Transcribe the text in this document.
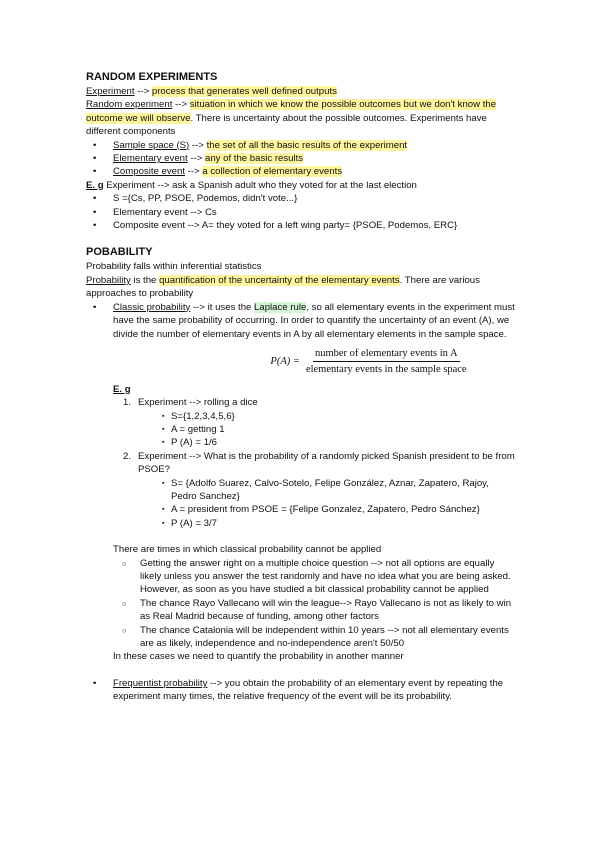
RANDOM EXPERIMENTS

Experiment --> process that generates well defined outputs

Random experiment --> situation in which we know the possible outcomes but we don't know the outcome we will observe. There is uncertainty about the possible outcomes. Experiments have different components

• Sample space (S) --> the set of all the basic results of the experiment
• Elementary event --> any of the basic results
• Composite event --> a collection of elementary events

E. g Experiment --> ask a Spanish adult who they voted for at the last election

• S ={Cs, PP, PSOE, Podemos, didn't vote...}
• Elementary event --> Cs
• Composite event --> A= they voted for a left wing party= {PSOE, Podemos, ERC}

POBABILITY

Probability falls within inferential statistics

Probability is the quantification of the uncertainty of the elementary events. There are various approaches to probability

• Classic probability --> it uses the Laplace rule, so all elementary events in the experiment must have the same probability of occurring. In order to quantify the uncertainty of an event (A), we divide the number of elementary events in A by all elementary elements in the sample space.
$P(A) = \frac{\text{number of elementary events in A}}{\text{elementary events in the sample space}}$

E. g

1. Experiment --> rolling a dice
▪ S={1,2,3,4,5,6}
▪ A = getting 1
▪ P (A) = 1/6
2. Experiment --> What is the probability of a randomly picked Spanish president to be from PSOE?
▪ S= {Adolfo Suarez, Calvo-Sotelo, Felipe González, Aznar, Zapatero, Rajoy, Pedro Sanchez}
▪ A = president from PSOE = {Felipe Gonzalez, Zapatero, Pedro Sánchez}
▪ P (A) = 3/7

There are times in which classical probability cannot be applied

○ Getting the answer right on a multiple choice question --> not all options are equally likely unless you answer the test randomly and have no idea what you are being asked. However, as soon as you have studied a bit classical probability cannot be applied
○ The chance Rayo Vallecano will win the league--> Rayo Vallecano is not as likely to win as Real Madrid because of funding, among other factors
○ The chance Catalonia will be independent within 10 years --> not all elementary events are as likely, independence and no-independence aren't 50/50

In these cases we need to quantify the probability in another manner

• Frequentist probability --> you obtain the probability of an elementary event by repeating the experiment many times, the relative frequency of the event will be its probability.
